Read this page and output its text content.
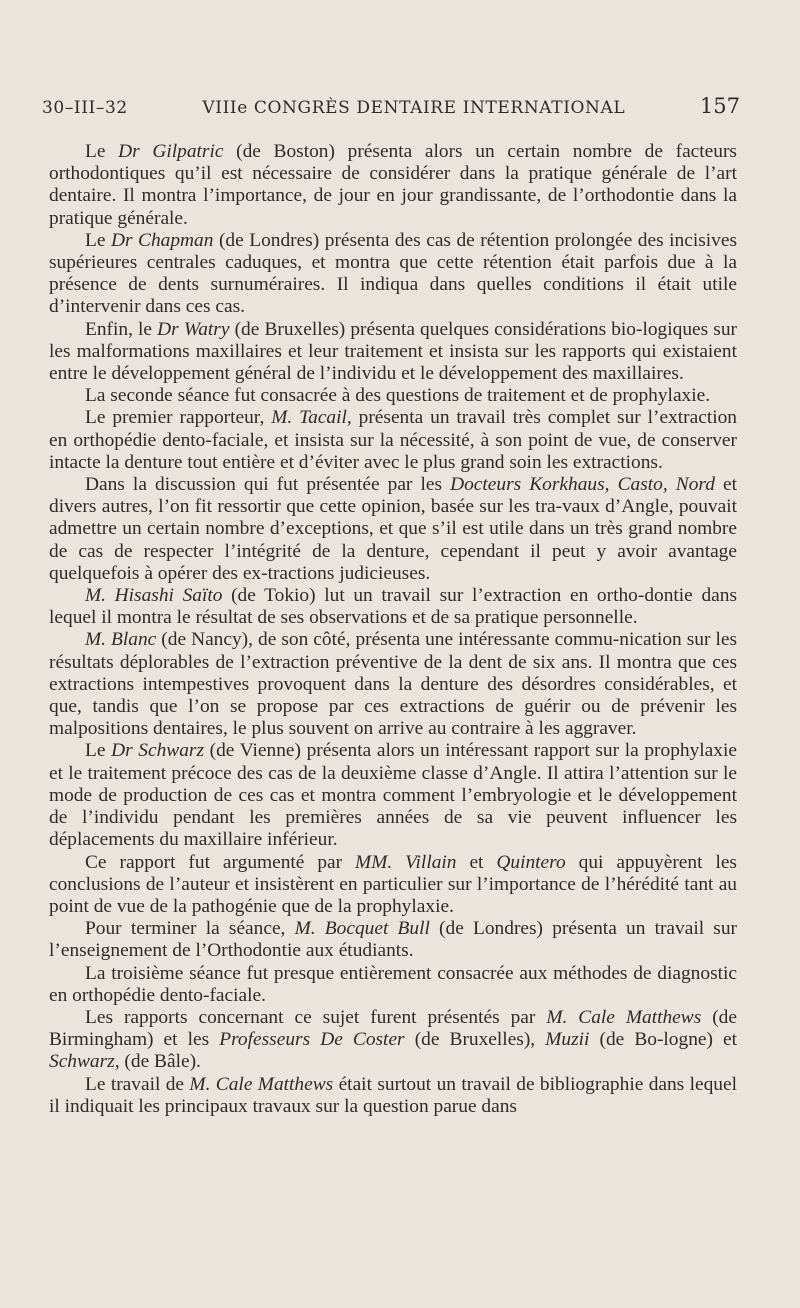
30–III–32	VIIIe CONGRÈS DENTAIRE INTERNATIONAL	157

Le Dr Gilpatric (de Boston) présenta alors un certain nombre de facteurs orthodontiques qu’il est nécessaire de considérer dans la pratique générale de l’art dentaire. Il montra l’importance, de jour en jour grandissante, de l’orthodontie dans la pratique générale.

Le Dr Chapman (de Londres) présenta des cas de rétention prolongée des incisives supérieures centrales caduques, et montra que cette rétention était parfois due à la présence de dents surnuméraires. Il indiqua dans quelles conditions il était utile d’intervenir dans ces cas.

Enfin, le Dr Watry (de Bruxelles) présenta quelques considérations bio-logiques sur les malformations maxillaires et leur traitement et insista sur les rapports qui existaient entre le développement général de l’individu et le développement des maxillaires.

La seconde séance fut consacrée à des questions de traitement et de prophylaxie.

Le premier rapporteur, M. Tacail, présenta un travail très complet sur l’extraction en orthopédie dento-faciale, et insista sur la nécessité, à son point de vue, de conserver intacte la denture tout entière et d’éviter avec le plus grand soin les extractions.

Dans la discussion qui fut présentée par les Docteurs Korkhaus, Casto, Nord et divers autres, l’on fit ressortir que cette opinion, basée sur les tra-vaux d’Angle, pouvait admettre un certain nombre d’exceptions, et que s’il est utile dans un très grand nombre de cas de respecter l’intégrité de la denture, cependant il peut y avoir avantage quelquefois à opérer des ex-tractions judicieuses.

M. Hisashi Saïto (de Tokio) lut un travail sur l’extraction en ortho-dontie dans lequel il montra le résultat de ses observations et de sa pratique personnelle.

M. Blanc (de Nancy), de son côté, présenta une intéressante commu-nication sur les résultats déplorables de l’extraction préventive de la dent de six ans. Il montra que ces extractions intempestives provoquent dans la denture des désordres considérables, et que, tandis que l’on se propose par ces extractions de guérir ou de prévenir les malpositions dentaires, le plus souvent on arrive au contraire à les aggraver.

Le Dr Schwarz (de Vienne) présenta alors un intéressant rapport sur la prophylaxie et le traitement précoce des cas de la deuxième classe d’Angle. Il attira l’attention sur le mode de production de ces cas et montra comment l’embryologie et le développement de l’individu pendant les premières années de sa vie peuvent influencer les déplacements du maxillaire inférieur.

Ce rapport fut argumenté par MM. Villain et Quintero qui appuyèrent les conclusions de l’auteur et insistèrent en particulier sur l’importance de l’hérédité tant au point de vue de la pathogénie que de la prophylaxie.

Pour terminer la séance, M. Bocquet Bull (de Londres) présenta un travail sur l’enseignement de l’Orthodontie aux étudiants.

La troisième séance fut presque entièrement consacrée aux méthodes de diagnostic en orthopédie dento-faciale.

Les rapports concernant ce sujet furent présentés par M. Cale Matthews (de Birmingham) et les Professeurs De Coster (de Bruxelles), Muzii (de Bo-logne) et Schwarz, (de Bâle).

Le travail de M. Cale Matthews était surtout un travail de bibliographie dans lequel il indiquait les principaux travaux sur la question parue dans
